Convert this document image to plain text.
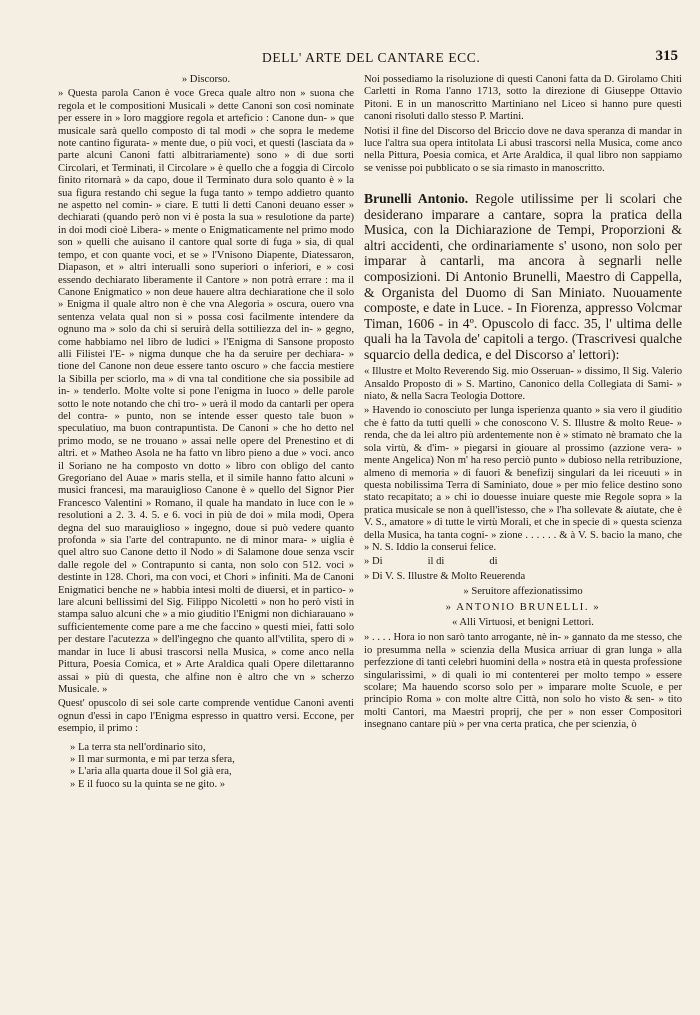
DELL' ARTE DEL CANTARE ECC.	315

» Discorso.

» Questa parola Canon è voce Greca quale altro non » suona che regola et le compositioni Musicali » dette Canoni son così nominate per essere in » loro maggiore regola et artefìcio : Canone dun- » que musicale sarà quello composto di tal modi » che sopra le medeme note cantino figurata- » mente due, o più voci, et questi (lasciata da » parte alcuni Canoni fatti albitrariamente) sono » di due sorti Circolari, et Terminati, il Circolare » è quello che a foggia di Circolo finito ritornarà » da capo, doue il Terminato dura solo quanto è » la sua figura restando chi segue la fuga tanto » tempo addietro quanto ne aspetto nel comin- » ciare. E tutti li detti Canoni deuano esser » dechiarati (quando però non vi è posta la sua » resulotione da parte) in doi modi cioè Libera- » mente o Enigmaticamente nel primo modo son » quelli che auisano il cantore qual sorte di fuga » sia, di qual tempo, et con quante voci, et se » l'Vnisono Diapente, Diatessaron, Diapason, et » altri interualli sono superiori o inferiori, e » così essendo dechiarato liberamente il Cantore » non potrà errare : ma il Canone Enigmatico » non deue hauere altra dechiaratione che il solo » Enigma il quale altro non è che vna Alegoria » oscura, ouero vna sentenza velata qual non si » possa così facilmente intendere da ognuno ma » solo da chi si seruirà della sottiliezza del in- » gegno, come habbiamo nel libro de ludici » l'Enigma di Sansone proposto alli Filistei l'E- » nigma dunque che ha da seruire per dechiara- » tione del Canone non deue essere tanto oscuro » che faccia mestiere la Sibilla per sciorlo, ma » di vna tal conditione che sia possibile ad in- » tenderlo. Molte volte si pone l'enigma in luoco » delle parole sotto le note notando che chi tro- » uerà il modo da cantarli per opera del contra- » punto, non se intende esser questo tale buon » speculatiuo, ma buon contrapuntista. De Canoni » che ho detto nel primo modo, se ne trouano » assai nelle opere del Prenestino et di altri. et » Matheo Asola ne ha fatto vn libro pieno a due » voci. anco il Soriano ne ha composto vn dotto » libro con obligo del canto Gregoriano del Auae » maris stella, et il simile hanno fatto alcuni » musici francesi, ma marauiglioso Canone è » quello del Signor Pier Francesco Valentini » Romano, il quale ha mandato in luce con le » resolutioni a 2. 3. 4. 5. e 6. voci in più de doi » mila modi, Opera degna del suo marauiglioso » ingegno, doue si può vedere quanto profonda » sia l'arte del contrapunto. ne di minor mara- » uiglia è quel altro suo Canone detto il Nodo » di Salamone doue senza vscir dalle regole del » Contrapunto si canta, non solo con 512. voci » destinte in 128. Chori, ma con voci, et Chori » infiniti. Ma de Canoni Enigmatici benche ne » habbia intesi molti de diuersi, et in partico- » lare alcuni bellissimi del Sig. Filippo Nicoletti » non ho però visti in stampa saluo alcuni che » a mio giuditio l'Enigmi non dichiarauano » sufficientemente come pare a me che faccino » questi miei, fatti solo per destare l'acutezza » dell'ingegno che quanto all'vtilita, spero di » mandar in luce li abusi trascorsi nella Musica, » come anco nella Pittura, Poesia Comica, et » Arte Araldica quali Opere dilettaranno assai » più di questa, che alfine non è altro che vn » scherzo Musicale. »

Quest' opuscolo di sei sole carte comprende ventidue Canoni aventi ognun d'essi in capo l'Enigma espresso in quattro versi. Eccone, per esempio, il primo :

» La terra sta nell'ordinario sito,

» Il mar surmonta, e mi par terza sfera,

» L'aria alla quarta doue il Sol già era,

» E il fuoco su la quinta se ne gito. »

Noi possediamo la risoluzione di questi Canoni fatta da D. Girolamo Chiti Carletti in Roma l'anno 1713, sotto la direzione di Giuseppe Ottavio Pitoni. E in un manoscritto Martiniano nel Liceo si hanno pure questi canoni risoluti dallo stesso P. Martini.

Notisi il fine del Discorso del Briccio dove ne dava speranza di mandar in luce l'altra sua opera intitolata Li abusi trascorsi nella Musica, come anco nella Pittura, Poesia comica, et Arte Araldica, il qual libro non sappiamo se venisse poi pubblicato o se sia rimasto in manoscritto.

Brunelli Antonio. Regole utilissime per li scolari che desiderano imparare a cantare, sopra la pratica della Musica, con la Dichiarazione de Tempi, Proporzioni & altri accidenti, che ordinariamente s' usono, non solo per imparar à cantarli, ma ancora à segnarli nelle composizioni. Di Antonio Brunelli, Maestro di Cappella, & Organista del Duomo di San Miniato. Nuouamente composte, e date in Luce. - In Fiorenza, appresso Volcmar Timan, 1606 - in 4º. Opuscolo di facc. 35, l' ultima delle quali ha la Tavola de' capitoli a tergo. (Trascrivesi qualche squarcio della dedica, e del Discorso a' lettori):

« Illustre et Molto Reverendo Sig. mio Osseruan- » dissimo, Il Sig. Valerio Ansaldo Proposto di » S. Martino, Canonico della Collegiata di Sami- » niato, & nella Sacra Teologia Dottore.

» Havendo io conosciuto per lunga isperienza quanto » sia vero il giuditio che è fatto da tutti quelli » che conoscono V. S. Illustre & molto Reue- » renda, che da lei altro più ardentemente non è » stimato nè bramato che la sola virtù, & d'im- » piegarsi in giouare al prossimo (azzione vera- » mente Angelica) Non m' ha reso perciò punto » dubioso nella retribuzione, almeno di memoria » di fauori & benefizij singulari da lei riceuuti » in questa nobilissima Terra di Saminiato, doue » per mio felice destino sono stato recapitato; a » chi io douesse inuiare queste mie Regole sopra » la pratica musicale se non à quell'istesso, che » l'ha sollevate & aiutate, che è V. S., amatore » di tutte le virtù Morali, et che in specie di » questa scienza della Musica, ha tanta cogni- » zione . . . . . . & à V. S. bacio la mano, che » N. S. Iddio la conserui felice.

» Di                 il di                 di

» Di V. S. Illustre & Molto Reuerenda

» Seruitore affezionatissimo

» ANTONIO BRUNELLI. »

« Alli Virtuosi, et benigni Lettori.

» . . . . Hora io non sarò tanto arrogante, nè in- » gannato da me stesso, che io presumma nella » scienzia della Musica arriuar di gran lunga » alla perfezzione di tanti celebri huomini della » nostra età in questa professione singularissimi, » di quali io mi contenterei per molto tempo » essere scolare; Ma hauendo scorso solo per » imparare molte Scuole, e per principio Roma » con molte altre Città, non solo ho visto & sen- » tito molti Cantori, ma Maestri proprij, che per » non esser Compositori insegnano cantare più » per vna certa pratica, che per scienzia, ò
